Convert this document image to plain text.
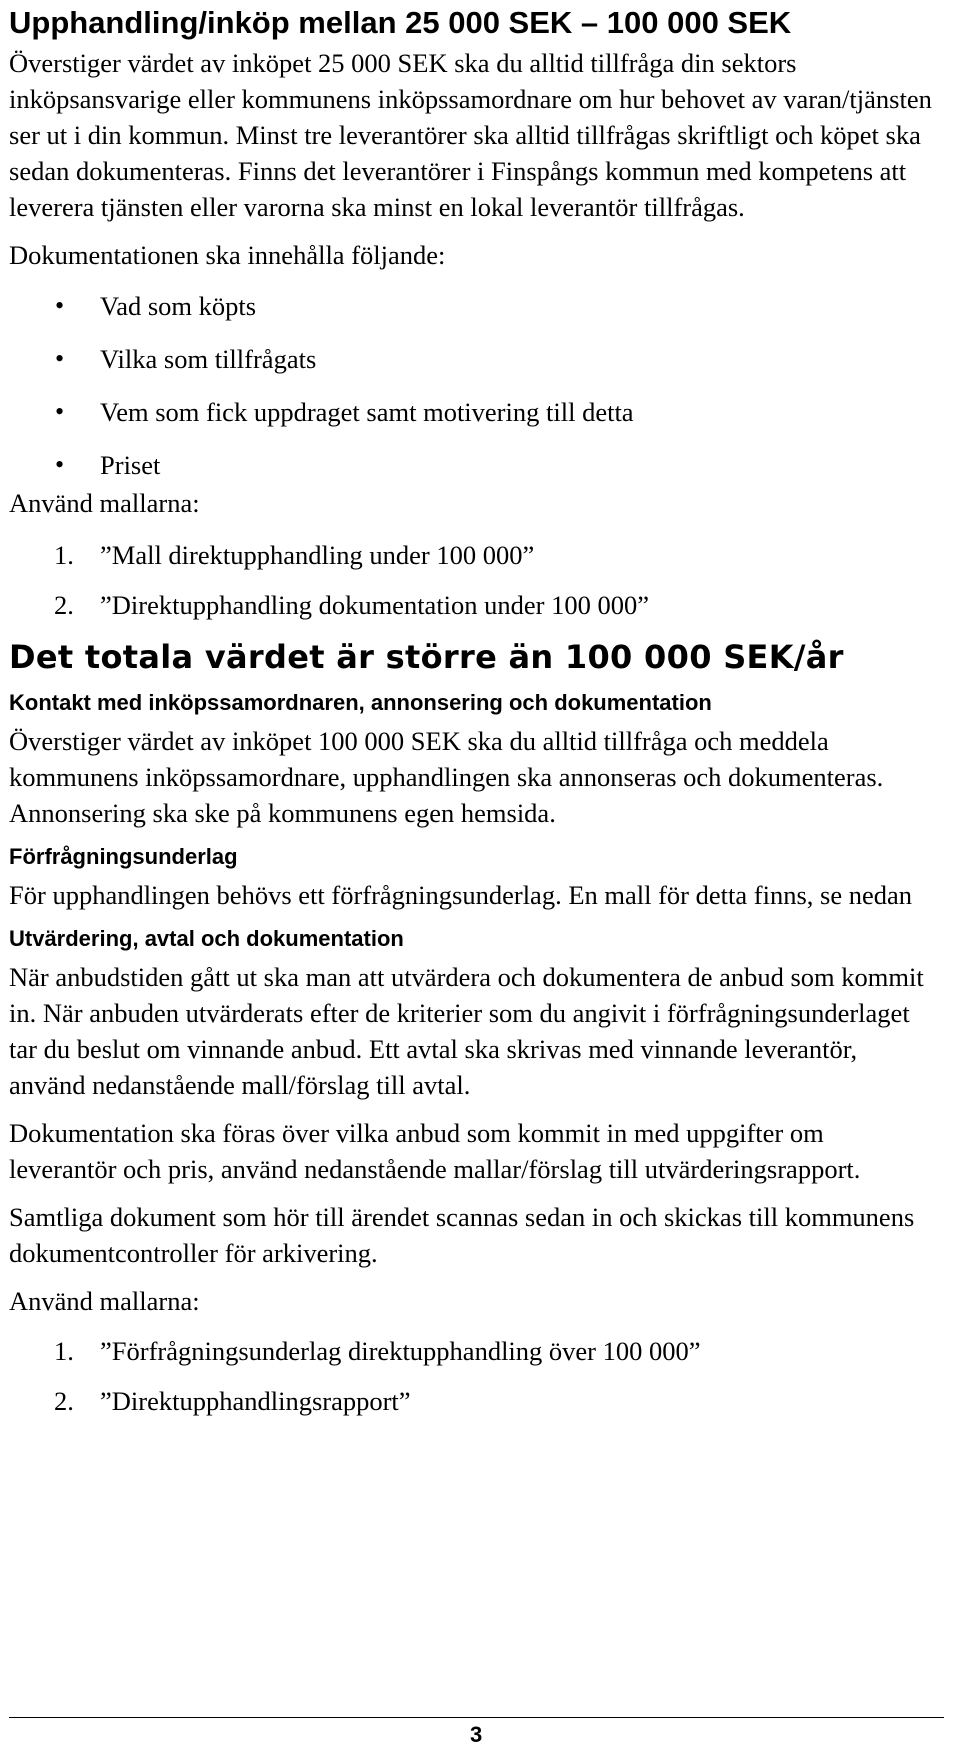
Upphandling/inköp mellan 25 000 SEK – 100 000 SEK

Överstiger värdet av inköpet 25 000 SEK ska du alltid tillfråga din sektors inköpsansvarige eller kommunens inköpssamordnare om hur behovet av varan/tjänsten ser ut i din kommun. Minst tre leverantörer ska alltid tillfrågas skriftligt och köpet ska sedan dokumenteras. Finns det leverantörer i Finspångs kommun med kompetens att leverera tjänsten eller varorna ska minst en lokal leverantör tillfrågas.

Dokumentationen ska innehålla följande:

• Vad som köpts
• Vilka som tillfrågats
• Vem som fick uppdraget samt motivering till detta
• Priset

Använd mallarna:

1. ”Mall direktupphandling under 100 000”
2. ”Direktupphandling dokumentation under 100 000”
Det totala värdet är större än 100 000 SEK/år
Kontakt med inköpssamordnaren, annonsering och dokumentation

Överstiger värdet av inköpet 100 000 SEK ska du alltid tillfråga och meddela kommunens inköpssamordnare, upphandlingen ska annonseras och dokumenteras. Annonsering ska ske på kommunens egen hemsida.

Förfrågningsunderlag

För upphandlingen behövs ett förfrågningsunderlag. En mall för detta finns, se nedan

Utvärdering, avtal och dokumentation

När anbudstiden gått ut ska man att utvärdera och dokumentera de anbud som kommit in. När anbuden utvärderats efter de kriterier som du angivit i förfrågningsunderlaget tar du beslut om vinnande anbud. Ett avtal ska skrivas med vinnande leverantör, använd nedanstående mall/förslag till avtal.

Dokumentation ska föras över vilka anbud som kommit in med uppgifter om leverantör och pris, använd nedanstående mallar/förslag till utvärderingsrapport.

Samtliga dokument som hör till ärendet scannas sedan in och skickas till kommunens dokumentcontroller för arkivering.

Använd mallarna:

1. ”Förfrågningsunderlag direktupphandling över 100 000”
2. ”Direktupphandlingsrapport”
3
